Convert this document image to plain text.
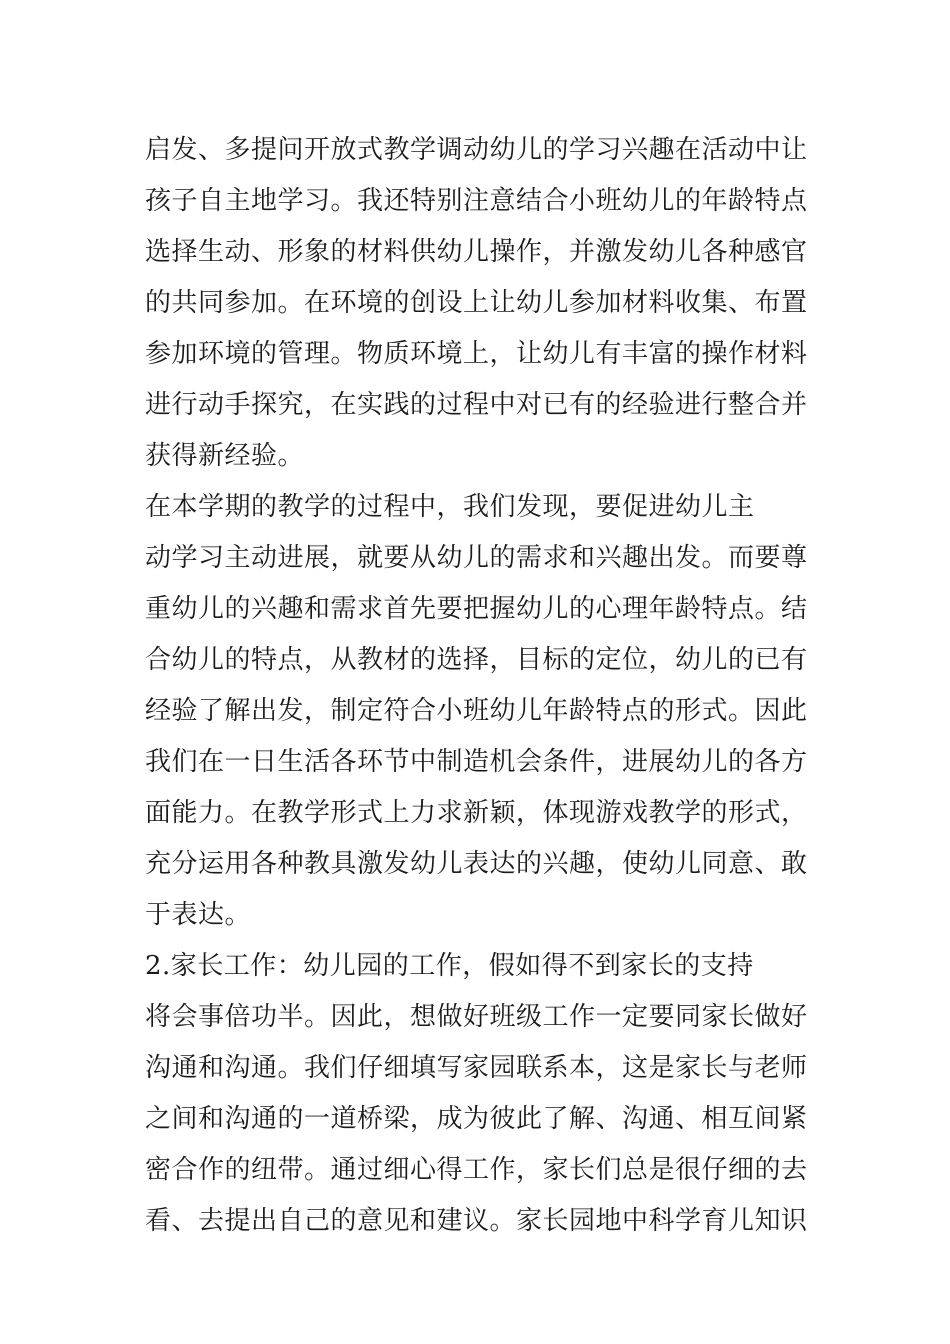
启发、多提问开放式教学调动幼儿的学习兴趣在活动中让
孩子自主地学习。我还特别注意结合小班幼儿的年龄特点
选择生动、形象的材料供幼儿操作，并激发幼儿各种感官
的共同参加。在环境的创设上让幼儿参加材料收集、布置
参加环境的管理。物质环境上，让幼儿有丰富的操作材料
进行动手探究，在实践的过程中对已有的经验进行整合并
获得新经验。

在本学期的教学的过程中，我们发现，要促进幼儿主
动学习主动进展，就要从幼儿的需求和兴趣出发。而要尊
重幼儿的兴趣和需求首先要把握幼儿的心理年龄特点。结
合幼儿的特点，从教材的选择，目标的定位，幼儿的已有
经验了解出发，制定符合小班幼儿年龄特点的形式。因此
我们在一日生活各环节中制造机会条件，进展幼儿的各方
面能力。在教学形式上力求新颖，体现游戏教学的形式，
充分运用各种教具激发幼儿表达的兴趣，使幼儿同意、敢
于表达。

2.家长工作：幼儿园的工作，假如得不到家长的支持
将会事倍功半。因此，想做好班级工作一定要同家长做好
沟通和沟通。我们仔细填写家园联系本，这是家长与老师
之间和沟通的一道桥梁，成为彼此了解、沟通、相互间紧
密合作的纽带。通过细心得工作，家长们总是很仔细的去
看、去提出自己的意见和建议。家长园地中科学育儿知识
